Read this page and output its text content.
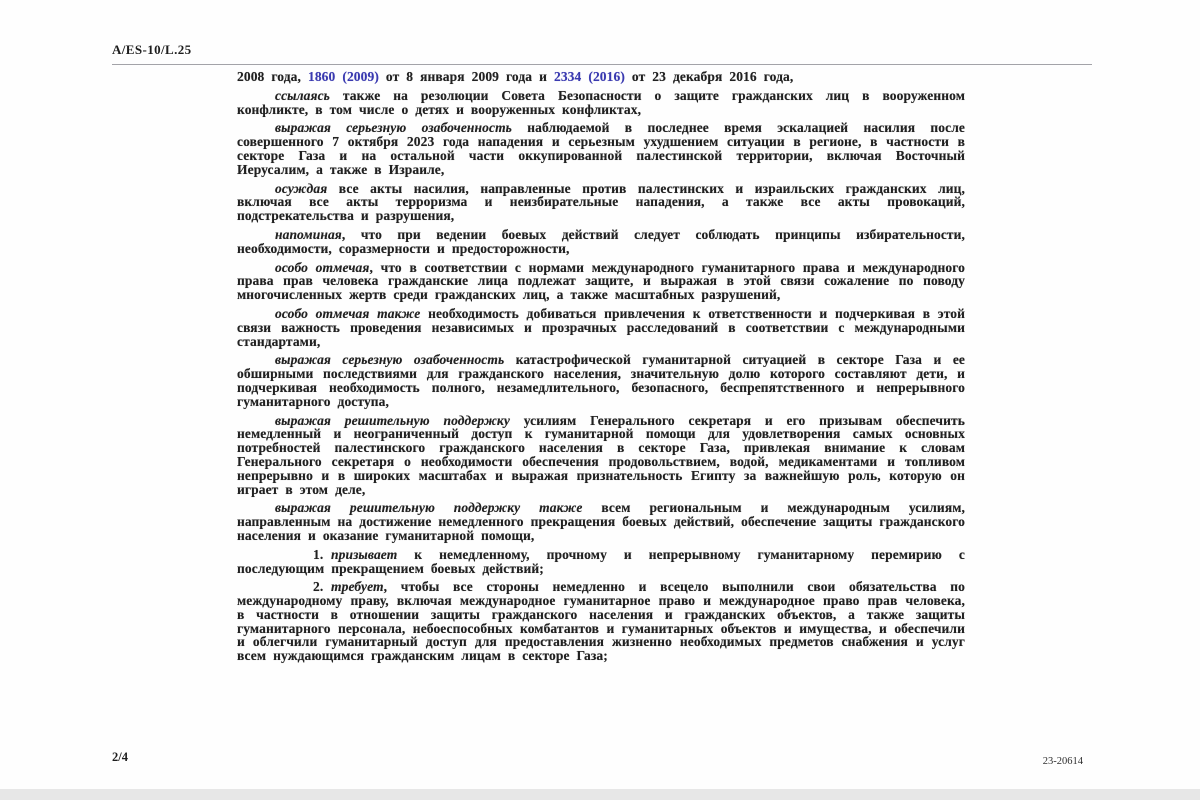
A/ES-10/L.25

2008 года, 1860 (2009) от 8 января 2009 года и 2334 (2016) от 23 декабря 2016 года,

ссылаясь также на резолюции Совета Безопасности о защите гражданских лиц в вооруженном конфликте, в том числе о детях и вооруженных конфликтах,

выражая серьезную озабоченность наблюдаемой в последнее время эскалацией насилия после совершенного 7 октября 2023 года нападения и серьезным ухудшением ситуации в регионе, в частности в секторе Газа и на остальной части оккупированной палестинской территории, включая Восточный Иерусалим, а также в Израиле,

осуждая все акты насилия, направленные против палестинских и израильских гражданских лиц, включая все акты терроризма и неизбирательные нападения, а также все акты провокаций, подстрекательства и разрушения,

напоминая, что при ведении боевых действий следует соблюдать принципы избирательности, необходимости, соразмерности и предосторожности,

особо отмечая, что в соответствии с нормами международного гуманитарного права и международного права прав человека гражданские лица подлежат защите, и выражая в этой связи сожаление по поводу многочисленных жертв среди гражданских лиц, а также масштабных разрушений,

особо отмечая также необходимость добиваться привлечения к ответственности и подчеркивая в этой связи важность проведения независимых и прозрачных расследований в соответствии с международными стандартами,

выражая серьезную озабоченность катастрофической гуманитарной ситуацией в секторе Газа и ее обширными последствиями для гражданского населения, значительную долю которого составляют дети, и подчеркивая необходимость полного, незамедлительного, безопасного, беспрепятственного и непрерывного гуманитарного доступа,

выражая решительную поддержку усилиям Генерального секретаря и его призывам обеспечить немедленный и неограниченный доступ к гуманитарной помощи для удовлетворения самых основных потребностей палестинского гражданского населения в секторе Газа, привлекая внимание к словам Генерального секретаря о необходимости обеспечения продовольствием, водой, медикаментами и топливом непрерывно и в широких масштабах и выражая признательность Египту за важнейшую роль, которую он играет в этом деле,

выражая решительную поддержку также всем региональным и международным усилиям, направленным на достижение немедленного прекращения боевых действий, обеспечение защиты гражданского населения и оказание гуманитарной помощи,

1. призывает к немедленному, прочному и непрерывному гуманитарному перемирию с последующим прекращением боевых действий;

2. требует, чтобы все стороны немедленно и всецело выполнили свои обязательства по международному праву, включая международное гуманитарное право и международное право прав человека, в частности в отношении защиты гражданского населения и гражданских объектов, а также защиты гуманитарного персонала, небоеспособных комбатантов и гуманитарных объектов и имущества, и обеспечили и облегчили гуманитарный доступ для предоставления жизненно необходимых предметов снабжения и услуг всем нуждающимся гражданским лицам в секторе Газа;

2/4	23-20614
